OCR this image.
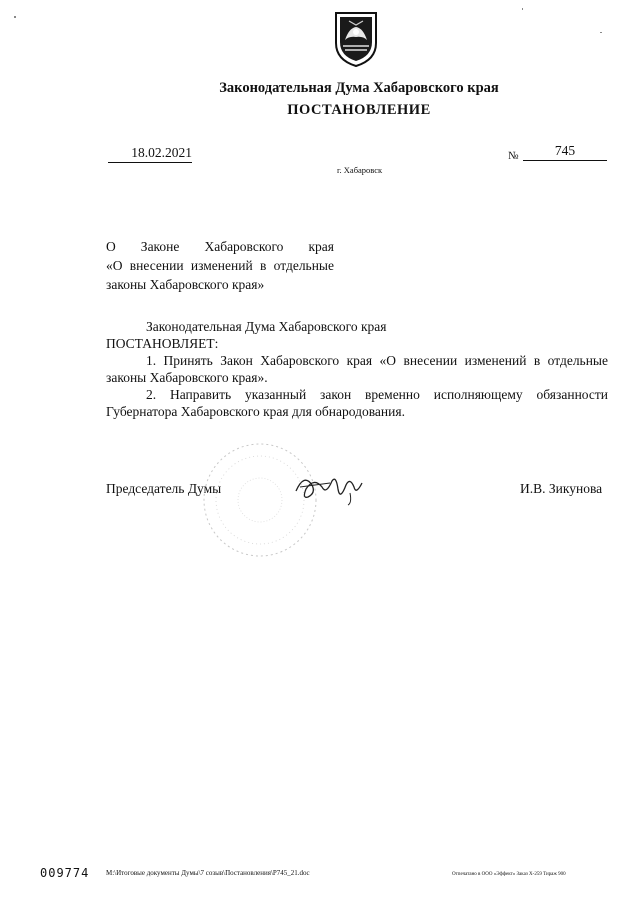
Законодательная Дума Хабаровского края
ПОСТАНОВЛЕНИЕ
18.02.2021
г. Хабаровск
№	745
О Законе Хабаровского края
«О внесении изменений в отдельные
законы Хабаровского края»

Законодательная Дума Хабаровского края

ПОСТАНОВЛЯЕТ:

1. Принять Закон Хабаровского края «О внесении изменений в отдельные законы Хабаровского края».

2. Направить указанный закон временно исполняющему обязанности Губернатора Хабаровского края для обнародования.

Председатель Думы	И.В. Зикунова
009774 M:\Итоговые документы Думы\7 созыв\Постановления\P745_21.doc	Отпечатано в ООО «Эффект» Заказ Х-259 Тираж 900
